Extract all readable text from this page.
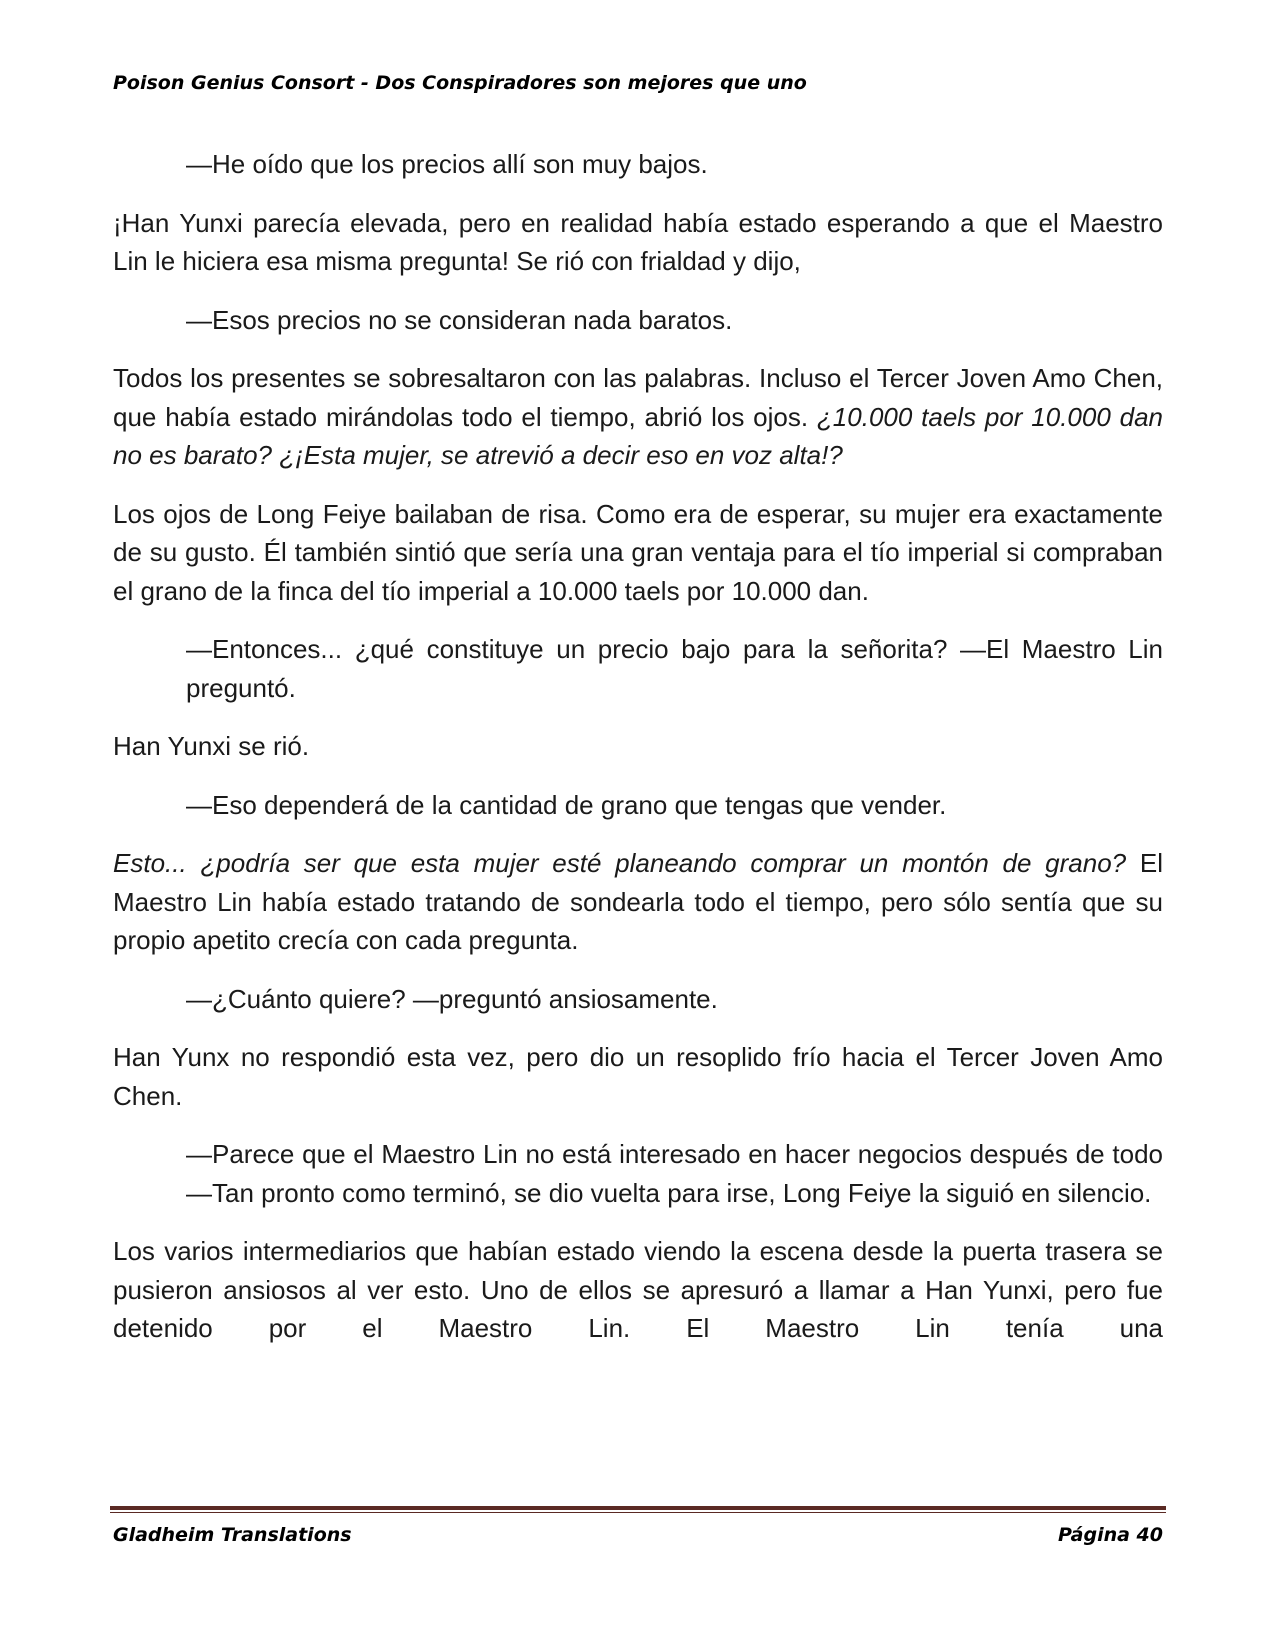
Poison Genius Consort - Dos Conspiradores son mejores que uno

—He oído que los precios allí son muy bajos.

¡Han Yunxi parecía elevada, pero en realidad había estado esperando a que el Maestro Lin le hiciera esa misma pregunta! Se rió con frialdad y dijo,

—Esos precios no se consideran nada baratos.

Todos los presentes se sobresaltaron con las palabras. Incluso el Tercer Joven Amo Chen, que había estado mirándolas todo el tiempo, abrió los ojos. ¿10.000 taels por 10.000 dan no es barato? ¿¡Esta mujer, se atrevió a decir eso en voz alta!?

Los ojos de Long Feiye bailaban de risa. Como era de esperar, su mujer era exactamente de su gusto. Él también sintió que sería una gran ventaja para el tío imperial si compraban el grano de la finca del tío imperial a 10.000 taels por 10.000 dan.

—Entonces... ¿qué constituye un precio bajo para la señorita? —El Maestro Lin preguntó.

Han Yunxi se rió.

—Eso dependerá de la cantidad de grano que tengas que vender.

Esto... ¿podría ser que esta mujer esté planeando comprar un montón de grano? El Maestro Lin había estado tratando de sondearla todo el tiempo, pero sólo sentía que su propio apetito crecía con cada pregunta.

—¿Cuánto quiere? —preguntó ansiosamente.

Han Yunx no respondió esta vez, pero dio un resoplido frío hacia el Tercer Joven Amo Chen.

—Parece que el Maestro Lin no está interesado en hacer negocios después de todo —Tan pronto como terminó, se dio vuelta para irse, Long Feiye la siguió en silencio.

Los varios intermediarios que habían estado viendo la escena desde la puerta trasera se pusieron ansiosos al ver esto. Uno de ellos se apresuró a llamar a Han Yunxi, pero fue detenido por el Maestro Lin. El Maestro Lin tenía una

Gladheim Translations	Página 40
